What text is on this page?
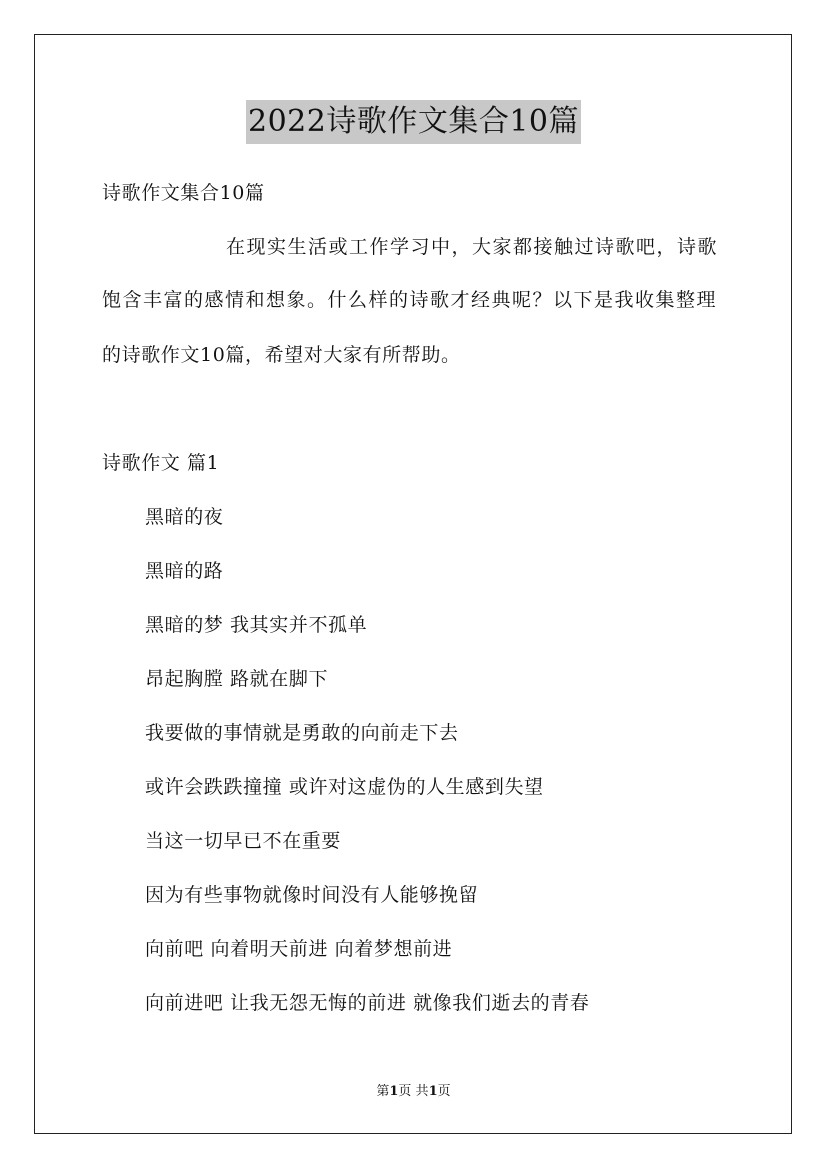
2022诗歌作文集合10篇
诗歌作文集合10篇
在现实生活或工作学习中，大家都接触过诗歌吧，诗歌
饱含丰富的感情和想象。什么样的诗歌才经典呢？以下是我收集整理
的诗歌作文10篇，希望对大家有所帮助。
诗歌作文 篇1
黑暗的夜
黑暗的路
黑暗的梦 我其实并不孤单
昂起胸膛 路就在脚下
我要做的事情就是勇敢的向前走下去
或许会跌跌撞撞 或许对这虚伪的人生感到失望
当这一切早已不在重要
因为有些事物就像时间没有人能够挽留
向前吧 向着明天前进 向着梦想前进
向前进吧 让我无怨无悔的前进 就像我们逝去的青春
第1页 共1页
